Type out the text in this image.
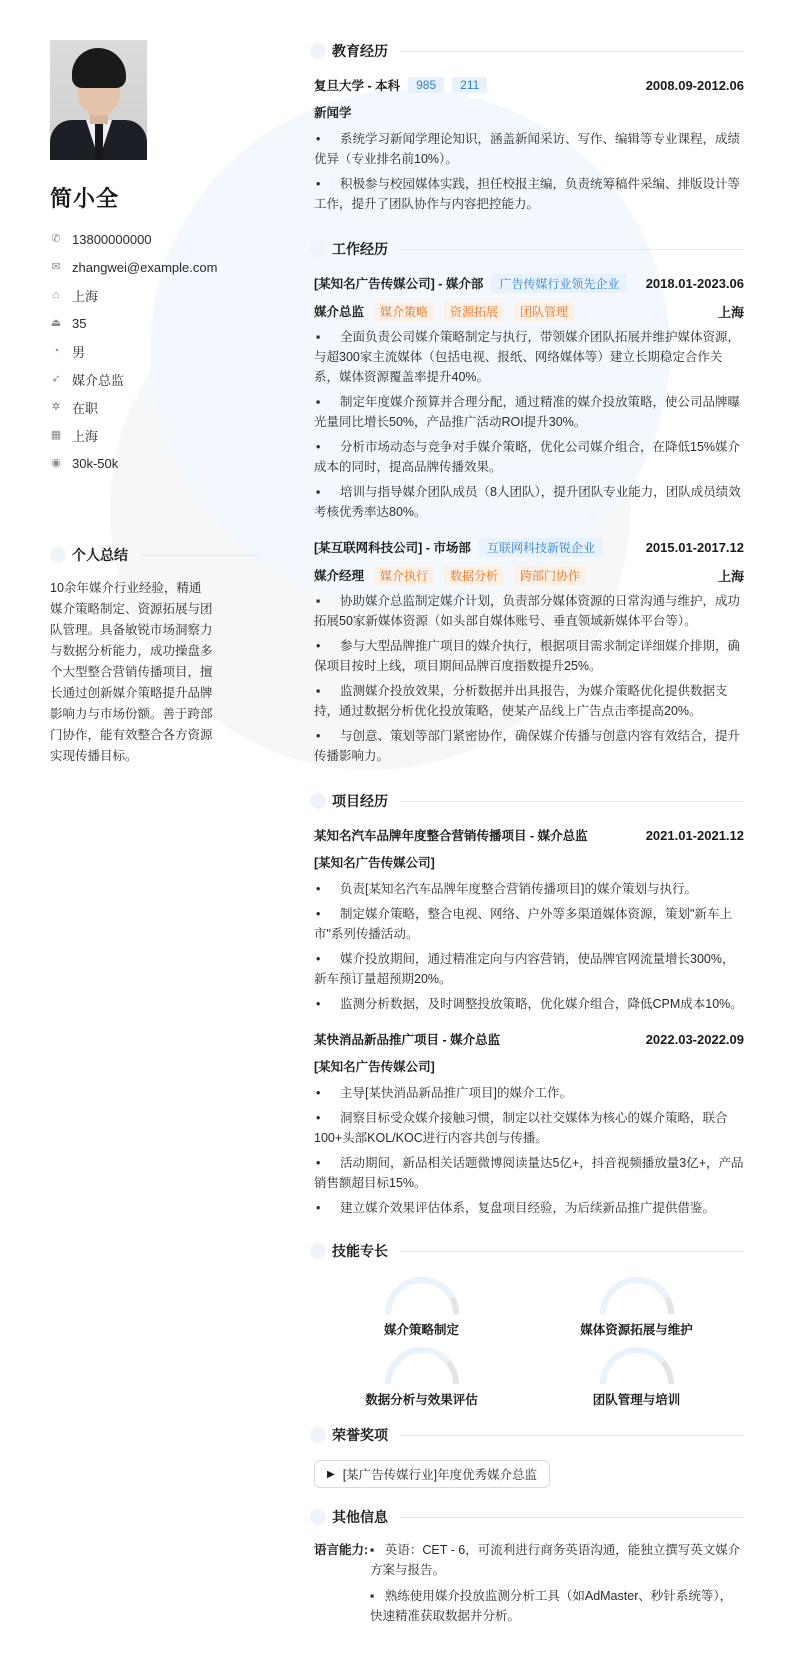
简小全
✆ 13800000000
✉ zhangwei@example.com
⌂ 上海
⏏ 35
◔ 男
➶ 媒介总监
✲ 在职
▦ 上海
◉ 30k-50k
个人总结
10余年媒介行业经验，精通媒介策略制定、资源拓展与团队管理。具备敏锐市场洞察力与数据分析能力，成功操盘多个大型整合营销传播项目，擅长通过创新媒介策略提升品牌影响力与市场份额。善于跨部门协作，能有效整合各方资源实现传播目标。
教育经历
复旦大学 - 本科	985	211	2008.09-2012.06
新闻学
• 系统学习新闻学理论知识，涵盖新闻采访、写作、编辑等专业课程，成绩优异（专业排名前10%）。
• 积极参与校园媒体实践，担任校报主编，负责统筹稿件采编、排版设计等工作，提升了团队协作与内容把控能力。
工作经历
[某知名广告传媒公司] - 媒介部	广告传媒行业领先企业	2018.01-2023.06
媒介总监	媒介策略	资源拓展	团队管理	上海
▪ 全面负责公司媒介策略制定与执行，带领媒介团队拓展并维护媒体资源，与超300家主流媒体（包括电视、报纸、网络媒体等）建立长期稳定合作关系，媒体资源覆盖率提升40%。
▪ 制定年度媒介预算并合理分配，通过精准的媒介投放策略，使公司品牌曝光量同比增长50%，产品推广活动ROI提升30%。
• 分析市场动态与竞争对手媒介策略，优化公司媒介组合，在降低15%媒介成本的同时，提高品牌传播效果。
▪ 培训与指导媒介团队成员（8人团队），提升团队专业能力，团队成员绩效考核优秀率达80%。
[某互联网科技公司] - 市场部	互联网科技新锐企业	2015.01-2017.12
媒介经理	媒介执行	数据分析	跨部门协作	上海
▪ 协助媒介总监制定媒介计划，负责部分媒体资源的日常沟通与维护，成功拓展50家新媒体资源（如头部自媒体账号、垂直领域新媒体平台等）。
• 参与大型品牌推广项目的媒介执行，根据项目需求制定详细媒介排期，确保项目按时上线，项目期间品牌百度指数提升25%。
▪ 监测媒介投放效果，分析数据并出具报告，为媒介策略优化提供数据支持，通过数据分析优化投放策略，使某产品线上广告点击率提高20%。
• 与创意、策划等部门紧密协作，确保媒介传播与创意内容有效结合，提升传播影响力。
项目经历
某知名汽车品牌年度整合营销传播项目 - 媒介总监	2021.01-2021.12
[某知名广告传媒公司]
• 负责[某知名汽车品牌年度整合营销传播项目]的媒介策划与执行。
• 制定媒介策略，整合电视、网络、户外等多渠道媒体资源，策划"新车上市"系列传播活动。
• 媒介投放期间，通过精准定向与内容营销，使品牌官网流量增长300%，新车预订量超预期20%。
• 监测分析数据，及时调整投放策略，优化媒介组合，降低CPM成本10%。
某快消品新品推广项目 - 媒介总监	2022.03-2022.09
[某知名广告传媒公司]
• 主导[某快消品新品推广项目]的媒介工作。
• 洞察目标受众媒介接触习惯，制定以社交媒体为核心的媒介策略，联合100+头部KOL/KOC进行内容共创与传播。
• 活动期间，新品相关话题微博阅读量达5亿+，抖音视频播放量3亿+，产品销售额超目标15%。
• 建立媒介效果评估体系，复盘项目经验，为后续新品推广提供借鉴。
技能专长
媒介策略制定	媒体资源拓展与维护
数据分析与效果评估	团队管理与培训
荣誉奖项
▶ [某广告传媒行业]年度优秀媒介总监
其他信息
语言能力: ▪   英语：CET - 6，可流利进行商务英语沟通，能独立撰写英文媒介方案与报告。
▪   熟练使用媒介投放监测分析工具（如AdMaster、秒针系统等），快速精准获取数据并分析。
